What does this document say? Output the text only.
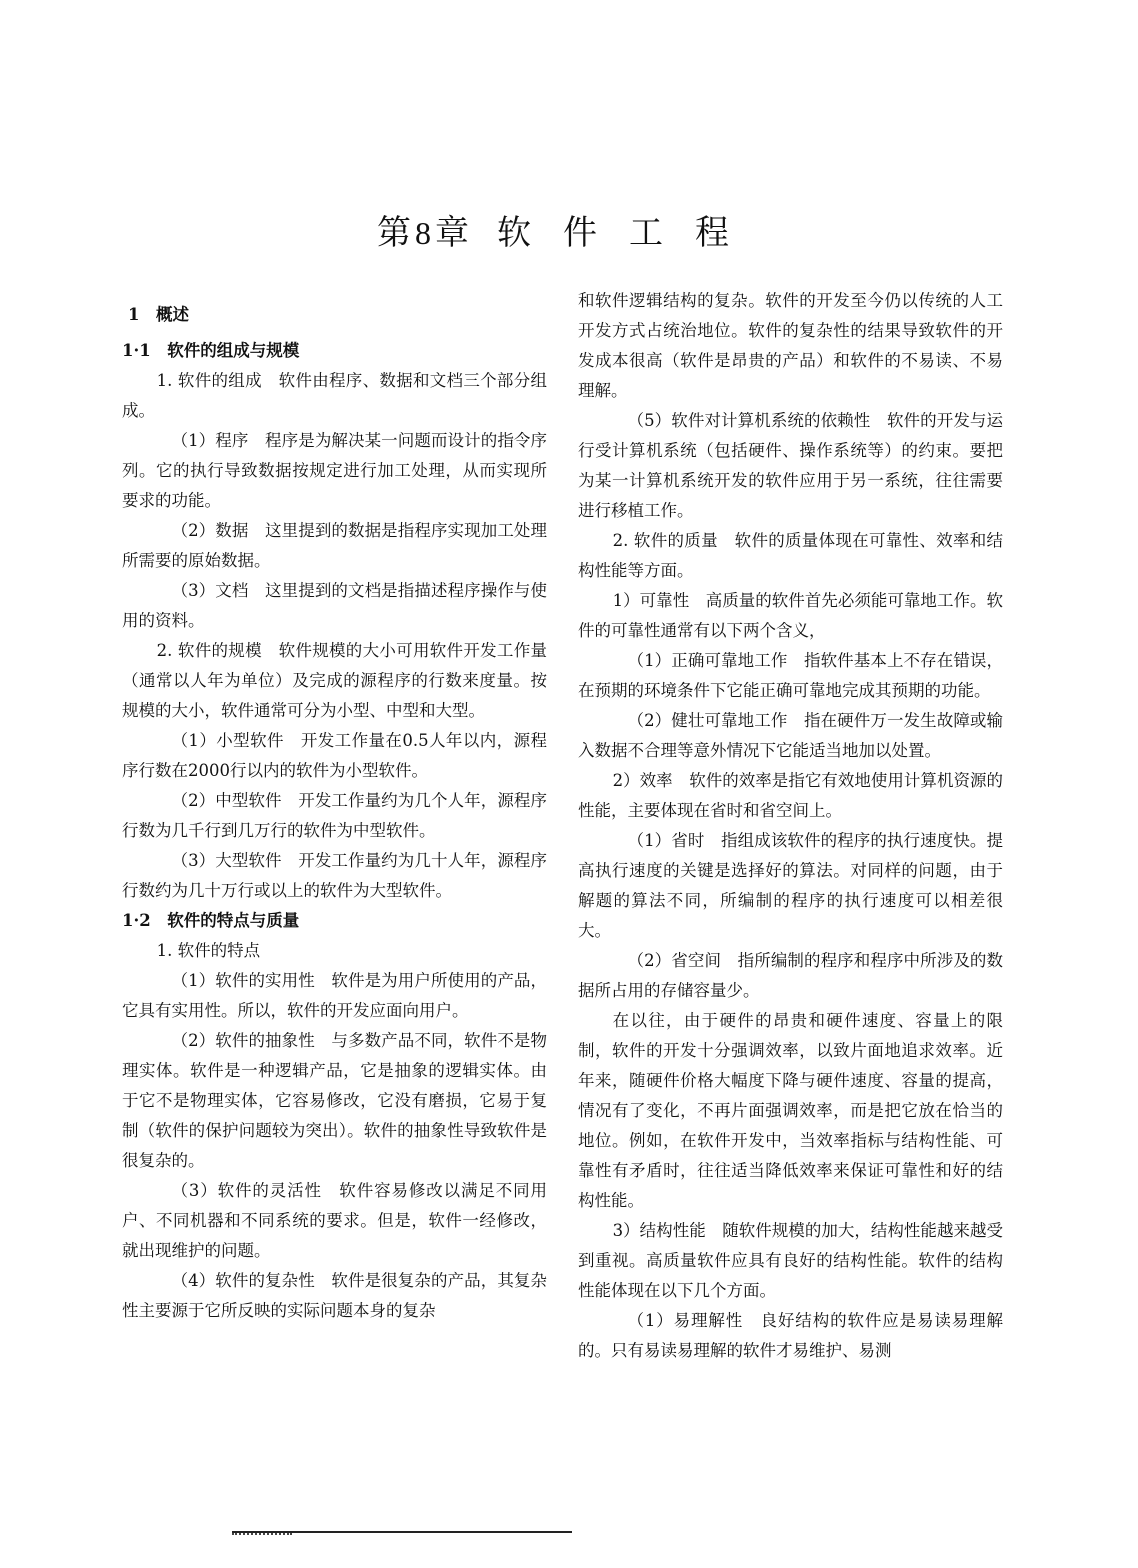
第8章 软件工程

1　概述

1·1　软件的组成与规模

1. 软件的组成　软件由程序、数据和文档三个部分组成。

（1）程序　程序是为解决某一问题而设计的指令序列。它的执行导致数据按规定进行加工处理，从而实现所要求的功能。

（2）数据　这里提到的数据是指程序实现加工处理所需要的原始数据。

（3）文档　这里提到的文档是指描述程序操作与使用的资料。

2. 软件的规模　软件规模的大小可用软件开发工作量（通常以人年为单位）及完成的源程序的行数来度量。按规模的大小，软件通常可分为小型、中型和大型。

（1）小型软件　开发工作量在0.5人年以内，源程序行数在2000行以内的软件为小型软件。

（2）中型软件　开发工作量约为几个人年，源程序行数为几千行到几万行的软件为中型软件。

（3）大型软件　开发工作量约为几十人年，源程序行数约为几十万行或以上的软件为大型软件。

1·2　软件的特点与质量

1. 软件的特点

（1）软件的实用性　软件是为用户所使用的产品，它具有实用性。所以，软件的开发应面向用户。

（2）软件的抽象性　与多数产品不同，软件不是物理实体。软件是一种逻辑产品，它是抽象的逻辑实体。由于它不是物理实体，它容易修改，它没有磨损，它易于复制（软件的保护问题较为突出）。软件的抽象性导致软件是很复杂的。

（3）软件的灵活性　软件容易修改以满足不同用户、不同机器和不同系统的要求。但是，软件一经修改，就出现维护的问题。

（4）软件的复杂性　软件是很复杂的产品，其复杂性主要源于它所反映的实际问题本身的复杂

和软件逻辑结构的复杂。软件的开发至今仍以传统的人工开发方式占统治地位。软件的复杂性的结果导致软件的开发成本很高（软件是昂贵的产品）和软件的不易读、不易理解。

（5）软件对计算机系统的依赖性　软件的开发与运行受计算机系统（包括硬件、操作系统等）的约束。要把为某一计算机系统开发的软件应用于另一系统，往往需要进行移植工作。

2. 软件的质量　软件的质量体现在可靠性、效率和结构性能等方面。

1）可靠性　高质量的软件首先必须能可靠地工作。软件的可靠性通常有以下两个含义，

（1）正确可靠地工作　指软件基本上不存在错误，在预期的环境条件下它能正确可靠地完成其预期的功能。

（2）健壮可靠地工作　指在硬件万一发生故障或输入数据不合理等意外情况下它能适当地加以处置。

2）效率　软件的效率是指它有效地使用计算机资源的性能，主要体现在省时和省空间上。

（1）省时　指组成该软件的程序的执行速度快。提高执行速度的关键是选择好的算法。对同样的问题，由于解题的算法不同，所编制的程序的执行速度可以相差很大。

（2）省空间　指所编制的程序和程序中所涉及的数据所占用的存储容量少。

在以往，由于硬件的昂贵和硬件速度、容量上的限制，软件的开发十分强调效率，以致片面地追求效率。近年来，随硬件价格大幅度下降与硬件速度、容量的提高，情况有了变化，不再片面强调效率，而是把它放在恰当的地位。例如，在软件开发中，当效率指标与结构性能、可靠性有矛盾时，往往适当降低效率来保证可靠性和好的结构性能。

3）结构性能　随软件规模的加大，结构性能越来越受到重视。高质量软件应具有良好的结构性能。软件的结构性能体现在以下几个方面。

（1）易理解性　良好结构的软件应是易读易理解的。只有易读易理解的软件才易维护、易测
